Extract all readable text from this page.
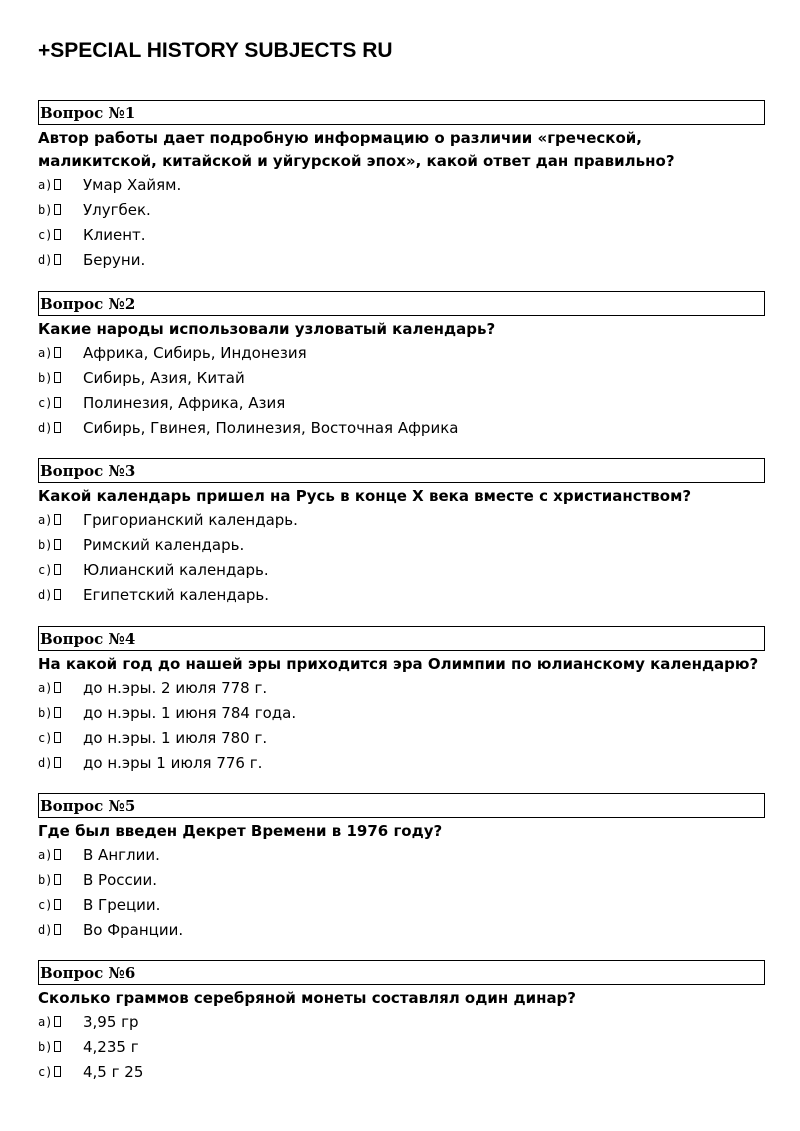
+SPECIAL HISTORY SUBJECTS RU
Вопрос №1
Автор работы дает подробную информацию о различии «греческой, маликитской, китайской и уйгурской эпох», какой ответ дан правильно?
a)	Умар Хайям.
b)	Улугбек.
c)	Клиент.
d)	Беруни.
Вопрос №2
Какие народы использовали узловатый календарь?
a)	Африка, Сибирь, Индонезия
b)	Сибирь, Азия, Китай
c)	Полинезия, Африка, Азия
d)	Сибирь, Гвинея, Полинезия, Восточная Африка
Вопрос №3
Какой календарь пришел на Русь в конце X века вместе с христианством?
a)	Григорианский календарь.
b)	Римский календарь.
c)	Юлианский календарь.
d)	Египетский календарь.
Вопрос №4
На какой год до нашей эры приходится эра Олимпии по юлианскому календарю?
a)	до н.эры. 2 июля 778 г.
b)	до н.эры. 1 июня 784 года.
c)	до н.эры. 1 июля 780 г.
d)	до н.эры 1 июля 776 г.
Вопрос №5
Где был введен Декрет Времени в 1976 году?
a)	В Англии.
b)	В России.
c)	В Греции.
d)	Во Франции.
Вопрос №6
Сколько граммов серебряной монеты составлял один динар?
a)	3,95 гр
b)	4,235 г
c)	4,5 г 25
